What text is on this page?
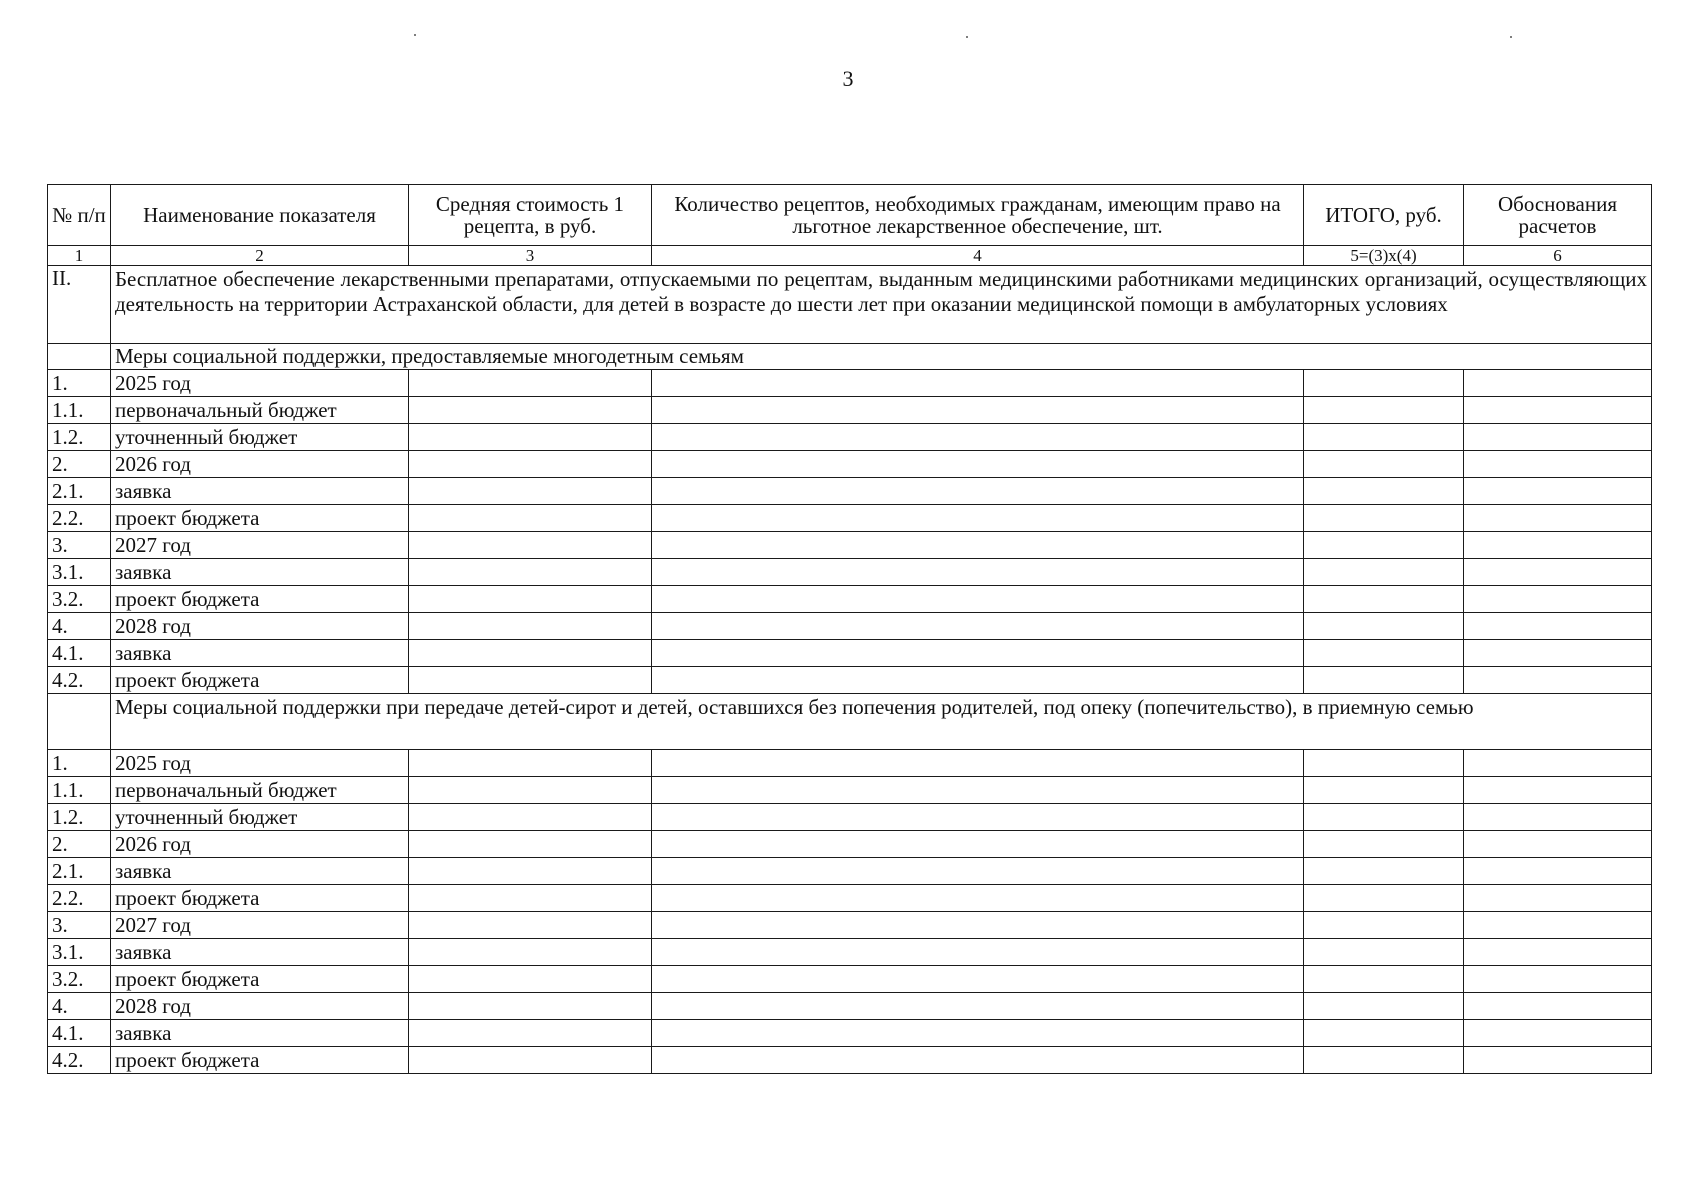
3
№ п/п	Наименование показателя	Средняя стоимость 1 рецепта, в руб.	Количество рецептов, необходимых гражданам, имеющим право на льготное лекарственное обеспечение, шт.	ИТОГО, руб.	Обоснования расчетов
1	2	3	4	5=(3)х(4)	6
II.	Бесплатное обеспечение лекарственными препаратами, отпускаемыми по рецептам, выданным медицинскими работниками медицинских организаций, осуществляющих деятельность на территории Астраханской области, для детей в возрасте до шести лет при оказании медицинской помощи в амбулаторных условиях				
	Меры социальной поддержки, предоставляемые многодетным семьям				
1.	2025 год				
1.1.	первоначальный бюджет				
1.2.	уточненный бюджет				
2.	2026 год				
2.1.	заявка				
2.2.	проект бюджета				
3.	2027 год				
3.1.	заявка				
3.2.	проект бюджета				
4.	2028 год				
4.1.	заявка				
4.2.	проект бюджета				
	Меры социальной поддержки при передаче детей-сирот и детей, оставшихся без попечения родителей, под опеку (попечительство), в приемную семью				
1.	2025 год				
1.1.	первоначальный бюджет				
1.2.	уточненный бюджет				
2.	2026 год				
2.1.	заявка				
2.2.	проект бюджета				
3.	2027 год				
3.1.	заявка				
3.2.	проект бюджета				
4.	2028 год				
4.1.	заявка				
4.2.	проект бюджета				
